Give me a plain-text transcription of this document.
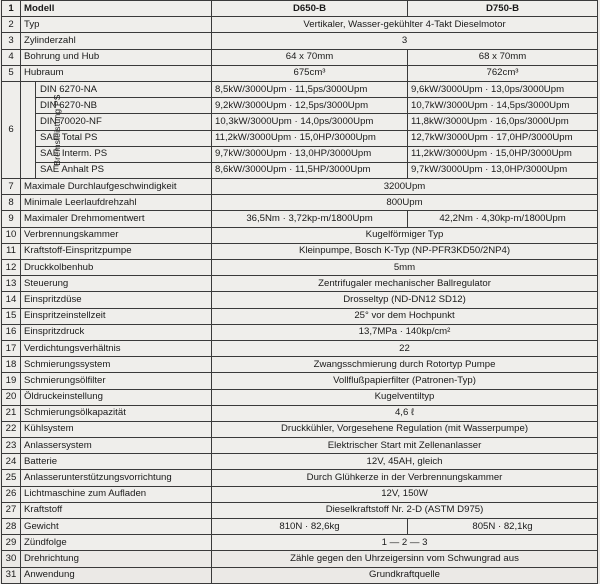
1	Modell		D650-B	D750-B
2	Typ		Vertikaler, Wasser-gekühlter 4-Takt Dieselmotor	
3	Zylinderzahl		3	
4	Bohrung und Hub		64 x 70mm	68 x 70mm
5	Hubraum		675cm³	762cm³
6	Bremsleistung PS	DIN 6270-NA	8,5kW/3000Upm · 11,5ps/3000Upm	9,6kW/3000Upm · 13,0ps/3000Upm
		DIN 6270-NB	9,2kW/3000Upm · 12,5ps/3000Upm	10,7kW/3000Upm · 14,5ps/3000Upm
		DIN 70020-NF	10,3kW/3000Upm · 14,0ps/3000Upm	11,8kW/3000Upm · 16,0ps/3000Upm
		SAE Total PS	11,2kW/3000Upm · 15,0HP/3000Upm	12,7kW/3000Upm · 17,0HP/3000Upm
		SAE Interm. PS	9,7kW/3000Upm · 13,0HP/3000Upm	11,2kW/3000Upm · 15,0HP/3000Upm
		SAE Anhalt PS	8,6kW/3000Upm · 11,5HP/3000Upm	9,7kW/3000Upm · 13,0HP/3000Upm
7	Maximale Durchlaufgeschwindigkeit		3200Upm	
8	Minimale Leerlaufdrehzahl		800Upm	
9	Maximaler Drehmomentwert		36,5Nm · 3,72kp-m/1800Upm	42,2Nm · 4,30kp-m/1800Upm
10	Verbrennungskammer		Kugelförmiger Typ	
11	Kraftstoff-Einspritzpumpe		Kleinpumpe, Bosch K-Typ (NP-PFR3KD50/2NP4)	
12	Druckkolbenhub		5mm	
13	Steuerung		Zentrifugaler mechanischer Ballregulator	
14	Einspritzdüse		Drosseltyp (ND-DN12 SD12)	
15	Einspritzeinstellzeit		25° vor dem Hochpunkt	
16	Einspritzdruck		13,7MPa · 140kp/cm²	
17	Verdichtungsverhältnis		22	
18	Schmierungssystem		Zwangsschmierung durch Rotortyp Pumpe	
19	Schmierungsölfilter		Vollflußpapierfilter (Patronen-Typ)	
20	Öldruckeinstellung		Kugelventiltyp	
21	Schmierungsölkapazität		4,6 ℓ	
22	Kühlsystem		Druckkühler, Vorgesehene Regulation (mit Wasserpumpe)	
23	Anlassersystem		Elektrischer Start mit Zellenanlasser	
24	Batterie		12V, 45AH, gleich	
25	Anlasserunterstützungsvorrichtung		Durch Glühkerze in der Verbrennungskammer	
26	Lichtmaschine zum Aufladen		12V, 150W	
27	Kraftstoff		Dieselkraftstoff Nr. 2-D (ASTM D975)	
28	Gewicht		810N · 82,6kg	805N · 82,1kg
29	Zündfolge		1 — 2 — 3	
30	Drehrichtung		Zähle gegen den Uhrzeigersinn vom Schwungrad aus	
31	Anwendung		Grundkraftquelle	
